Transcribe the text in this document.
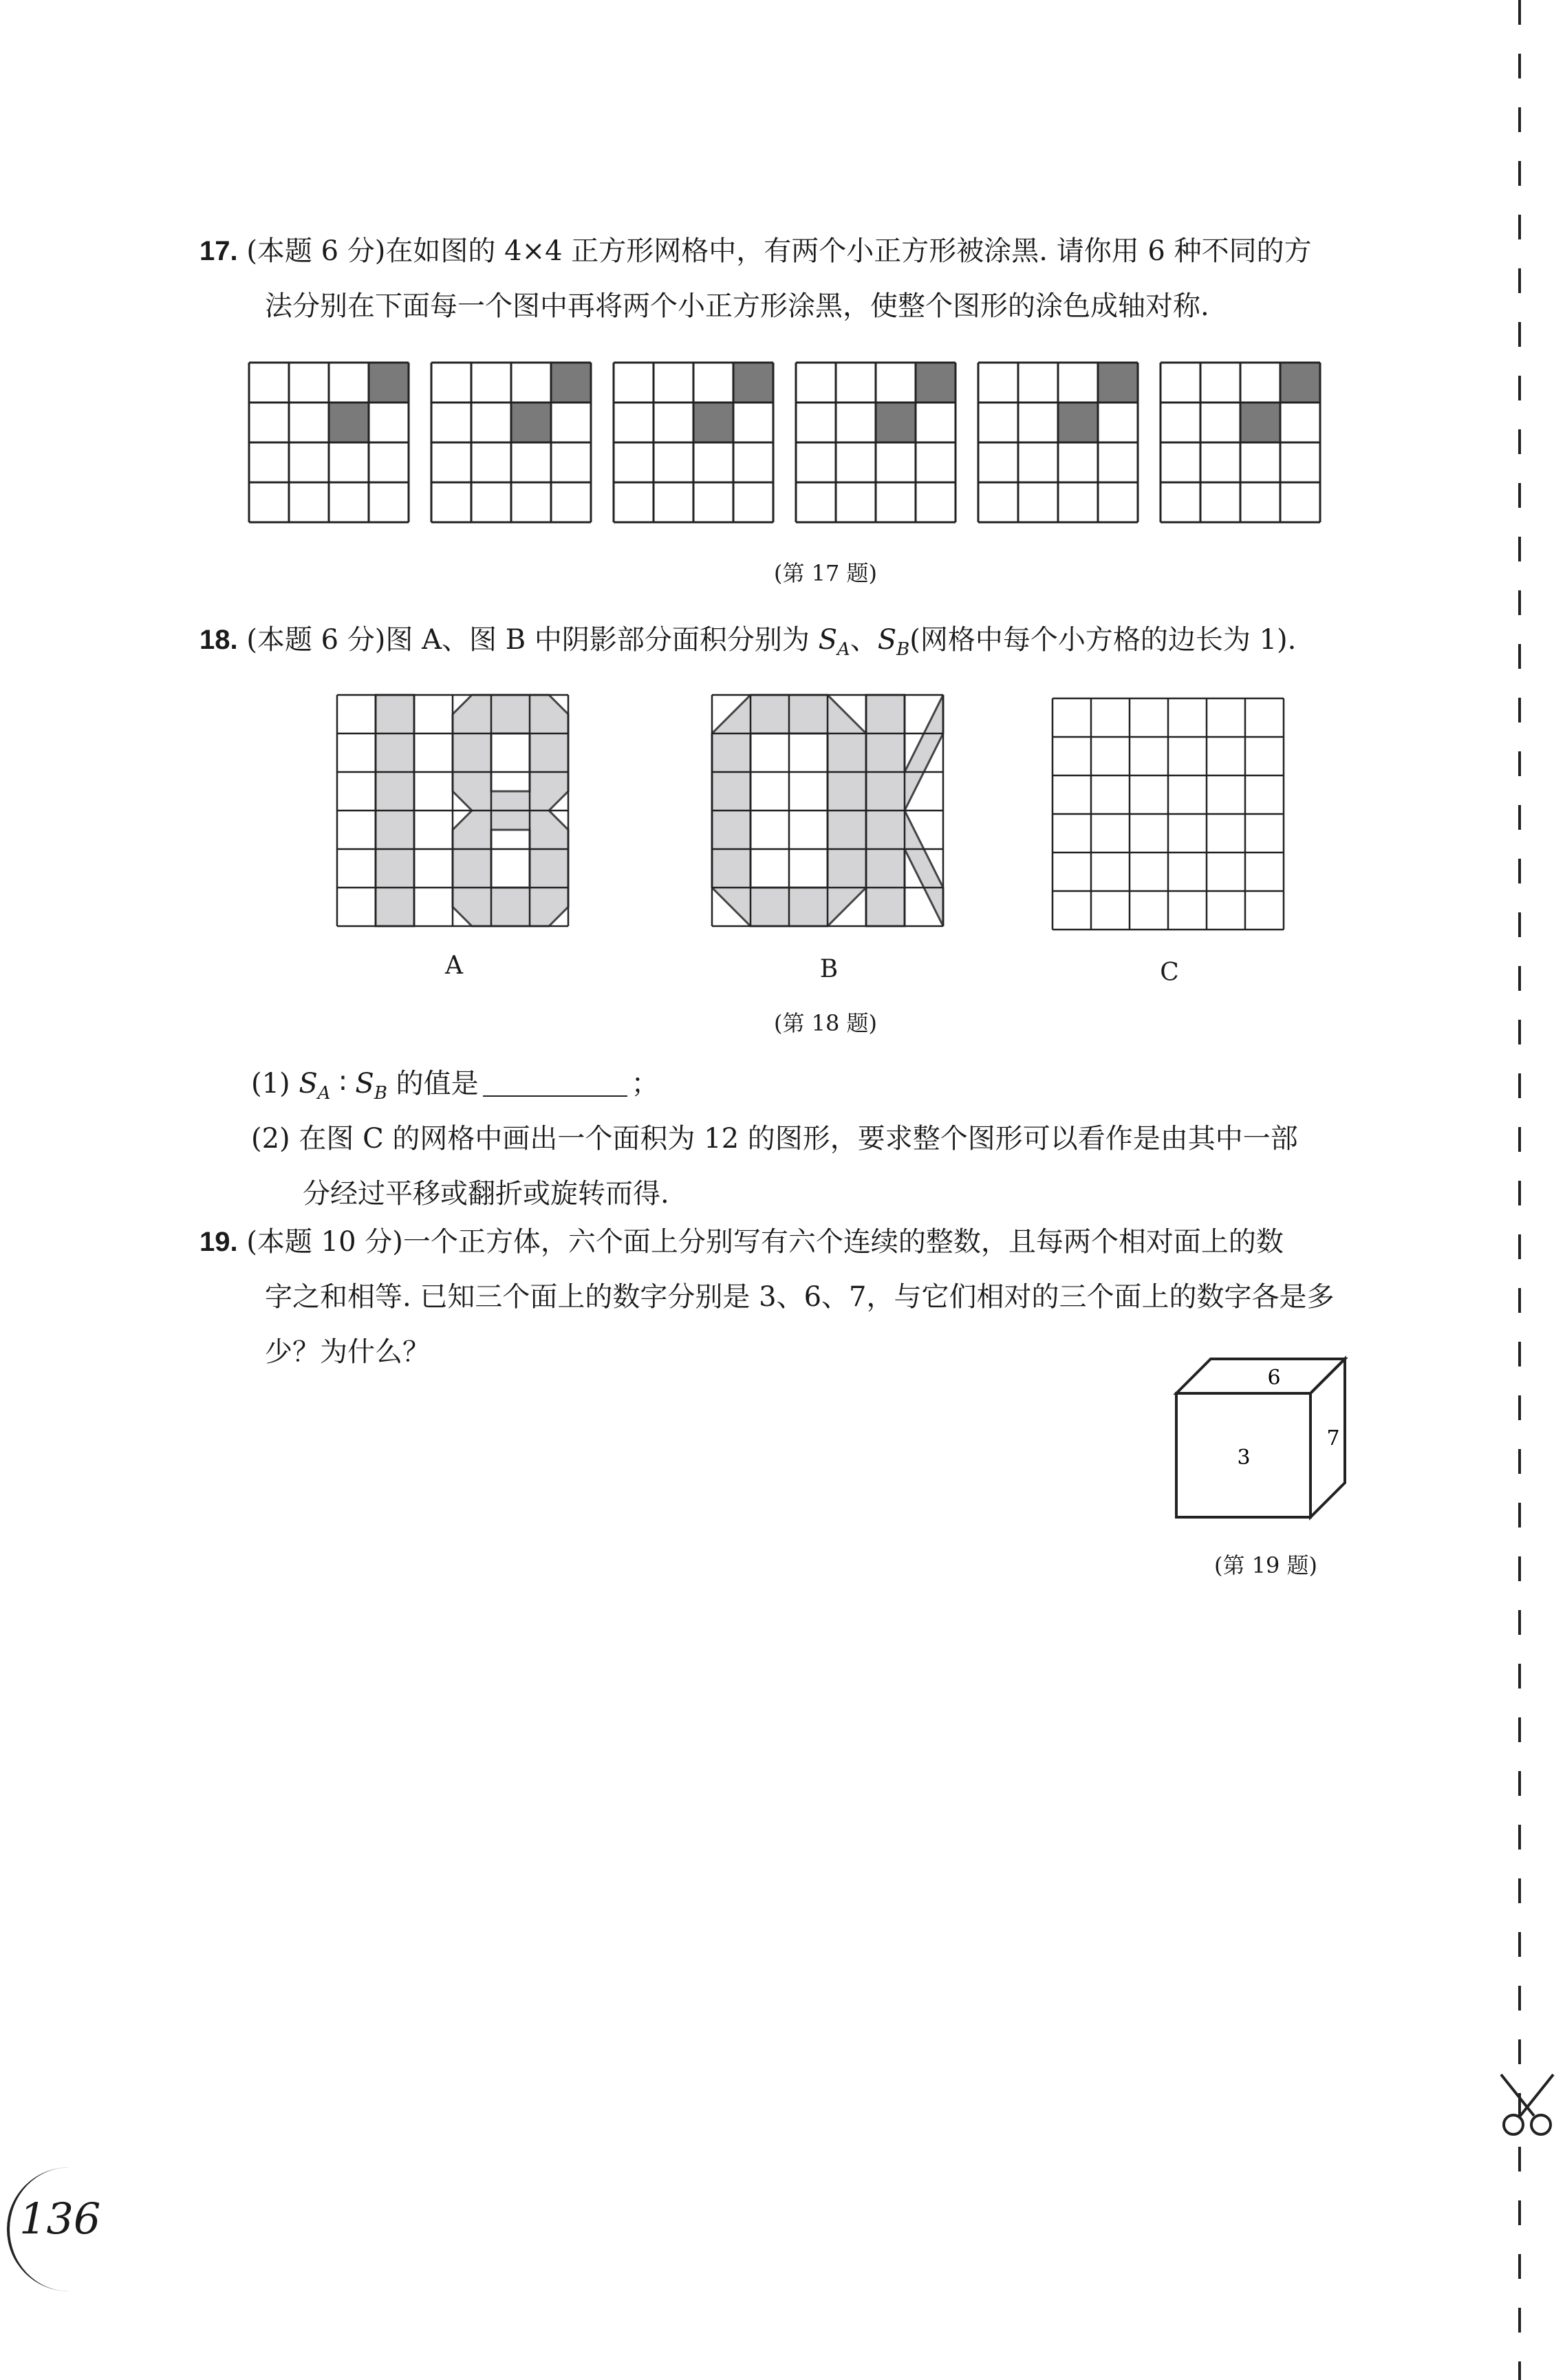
17. (本题 6 分)在如图的 4×4 正方形网格中，有两个小正方形被涂黑. 请你用 6 种不同的方
法分别在下面每一个图中再将两个小正方形涂黑，使整个图形的涂色成轴对称.
(第 17 题)
18. (本题 6 分)图 A、图 B 中阴影部分面积分别为 $S_A$、$S_B$(网格中每个小方格的边长为 1).
A	B	C
(第 18 题)
(1) $S_A$ ∶ $S_B$ 的值是	；
(2) 在图 C 的网格中画出一个面积为 12 的图形，要求整个图形可以看作是由其中一部
分经过平移或翻折或旋转而得.
19. (本题 10 分)一个正方体，六个面上分别写有六个连续的整数，且每两个相对面上的数
字之和相等. 已知三个面上的数字分别是 3、6、7，与它们相对的三个面上的数字各是多
少？为什么？
6
3
7
(第 19 题)
136
